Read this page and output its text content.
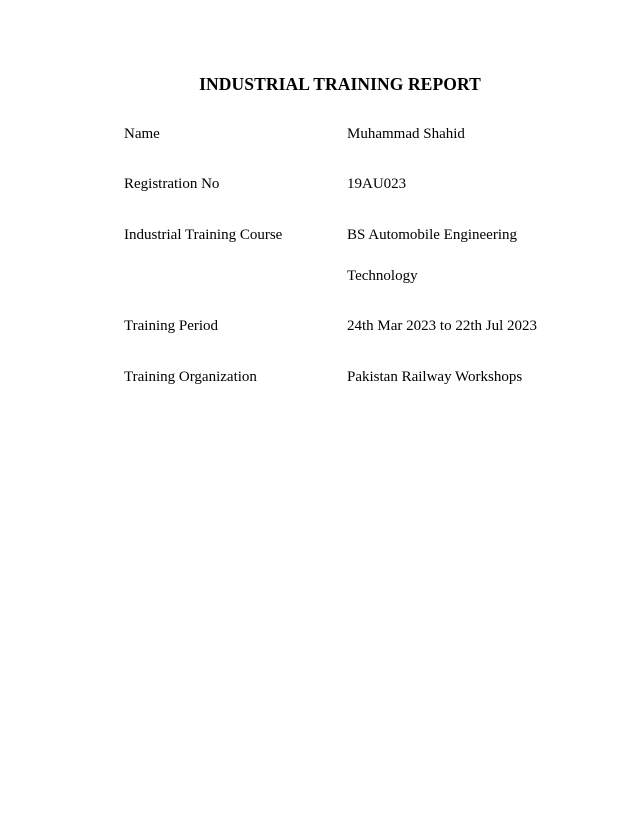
INDUSTRIAL TRAINING REPORT
Name	Muhammad Shahid
Registration No	19AU023
Industrial Training Course	BS Automobile Engineering
Technology
Training Period	24th Mar 2023 to 22th Jul 2023
Training Organization	Pakistan Railway Workshops
